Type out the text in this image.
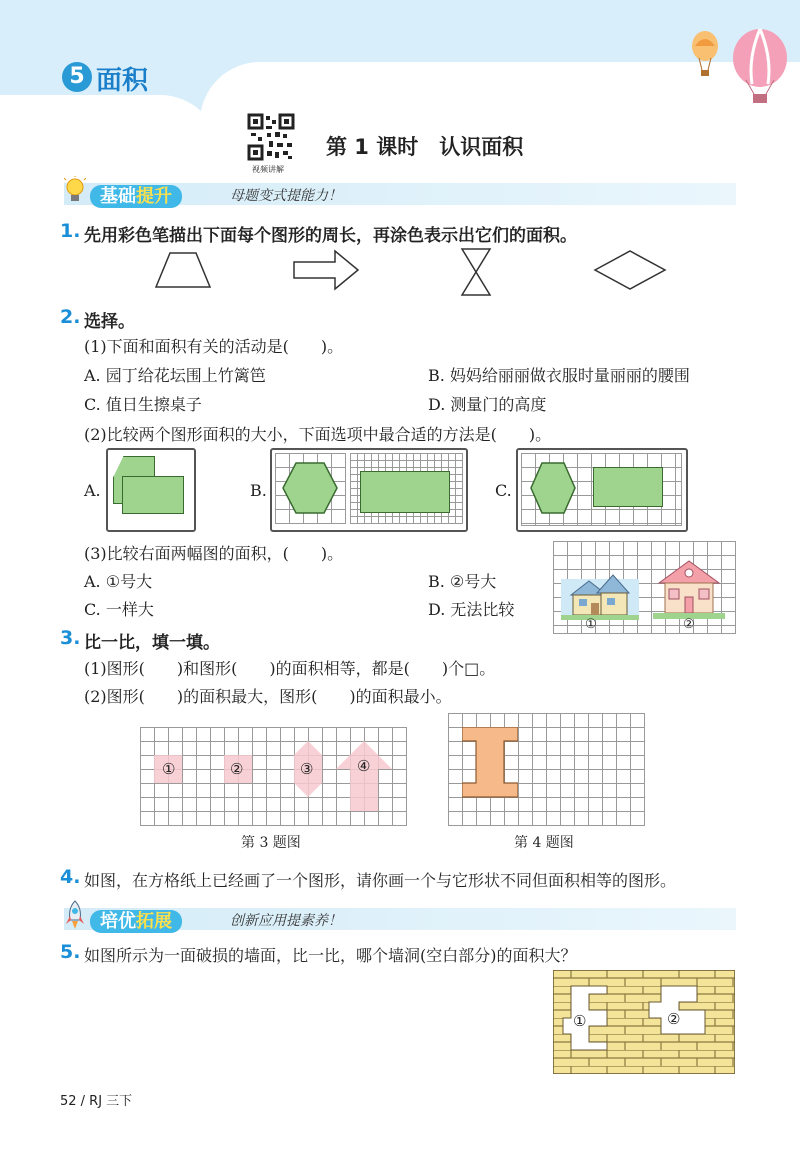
5 面积
视频讲解
第 1 课时　认识面积
基础提升	母题变式提能力！
1. 先用彩色笔描出下面每个图形的周长，再涂色表示出它们的面积。
2. 选择。
(1)下面和面积有关的活动是(　　)。
A. 园丁给花坛围上竹篱笆	B. 妈妈给丽丽做衣服时量丽丽的腰围
C. 值日生擦桌子	D. 测量门的高度
(2)比较两个图形面积的大小，下面选项中最合适的方法是(　　)。
A.	B.	C.
(3)比较右面两幅图的面积，(　　)。
A. ①号大	B. ②号大
C. 一样大	D. 无法比较
①	②
3. 比一比，填一填。
(1)图形(　　)和图形(　　)的面积相等，都是(　　)个□。
(2)图形(　　)的面积最大，图形(　　)的面积最小。
①	②	③	④
第 3 题图	第 4 题图
4. 如图，在方格纸上已经画了一个图形，请你画一个与它形状不同但面积相等的图形。
培优拓展	创新应用提素养！
5. 如图所示为一面破损的墙面，比一比，哪个墙洞(空白部分)的面积大？
①	②
52 / RJ 三下
